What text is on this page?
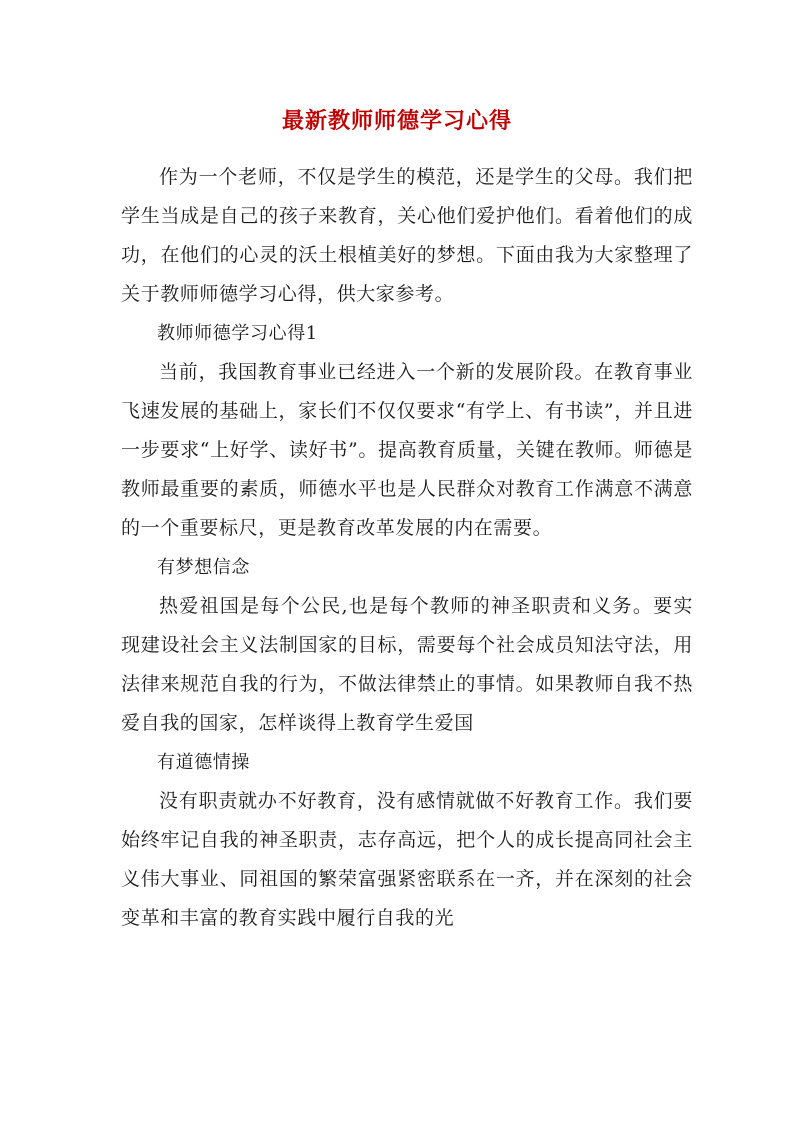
最新教师师德学习心得

作为一个老师，不仅是学生的模范，还是学生的父母。我们把学生当成是自己的孩子来教育，关心他们爱护他们。看着他们的成功，在他们的心灵的沃土根植美好的梦想。下面由我为大家整理了关于教师师德学习心得，供大家参考。

教师师德学习心得1

当前，我国教育事业已经进入一个新的发展阶段。在教育事业飞速发展的基础上，家长们不仅仅要求“有学上、有书读”，并且进一步要求“上好学、读好书”。提高教育质量，关键在教师。师德是教师最重要的素质，师德水平也是人民群众对教育工作满意不满意的一个重要标尺，更是教育改革发展的内在需要。

有梦想信念

热爱祖国是每个公民,也是每个教师的神圣职责和义务。要实现建设社会主义法制国家的目标，需要每个社会成员知法守法，用法律来规范自我的行为，不做法律禁止的事情。如果教师自我不热爱自我的国家，怎样谈得上教育学生爱国

有道德情操

没有职责就办不好教育，没有感情就做不好教育工作。我们要始终牢记自我的神圣职责，志存高远，把个人的成长提高同社会主义伟大事业、同祖国的繁荣富强紧密联系在一齐，并在深刻的社会变革和丰富的教育实践中履行自我的光
